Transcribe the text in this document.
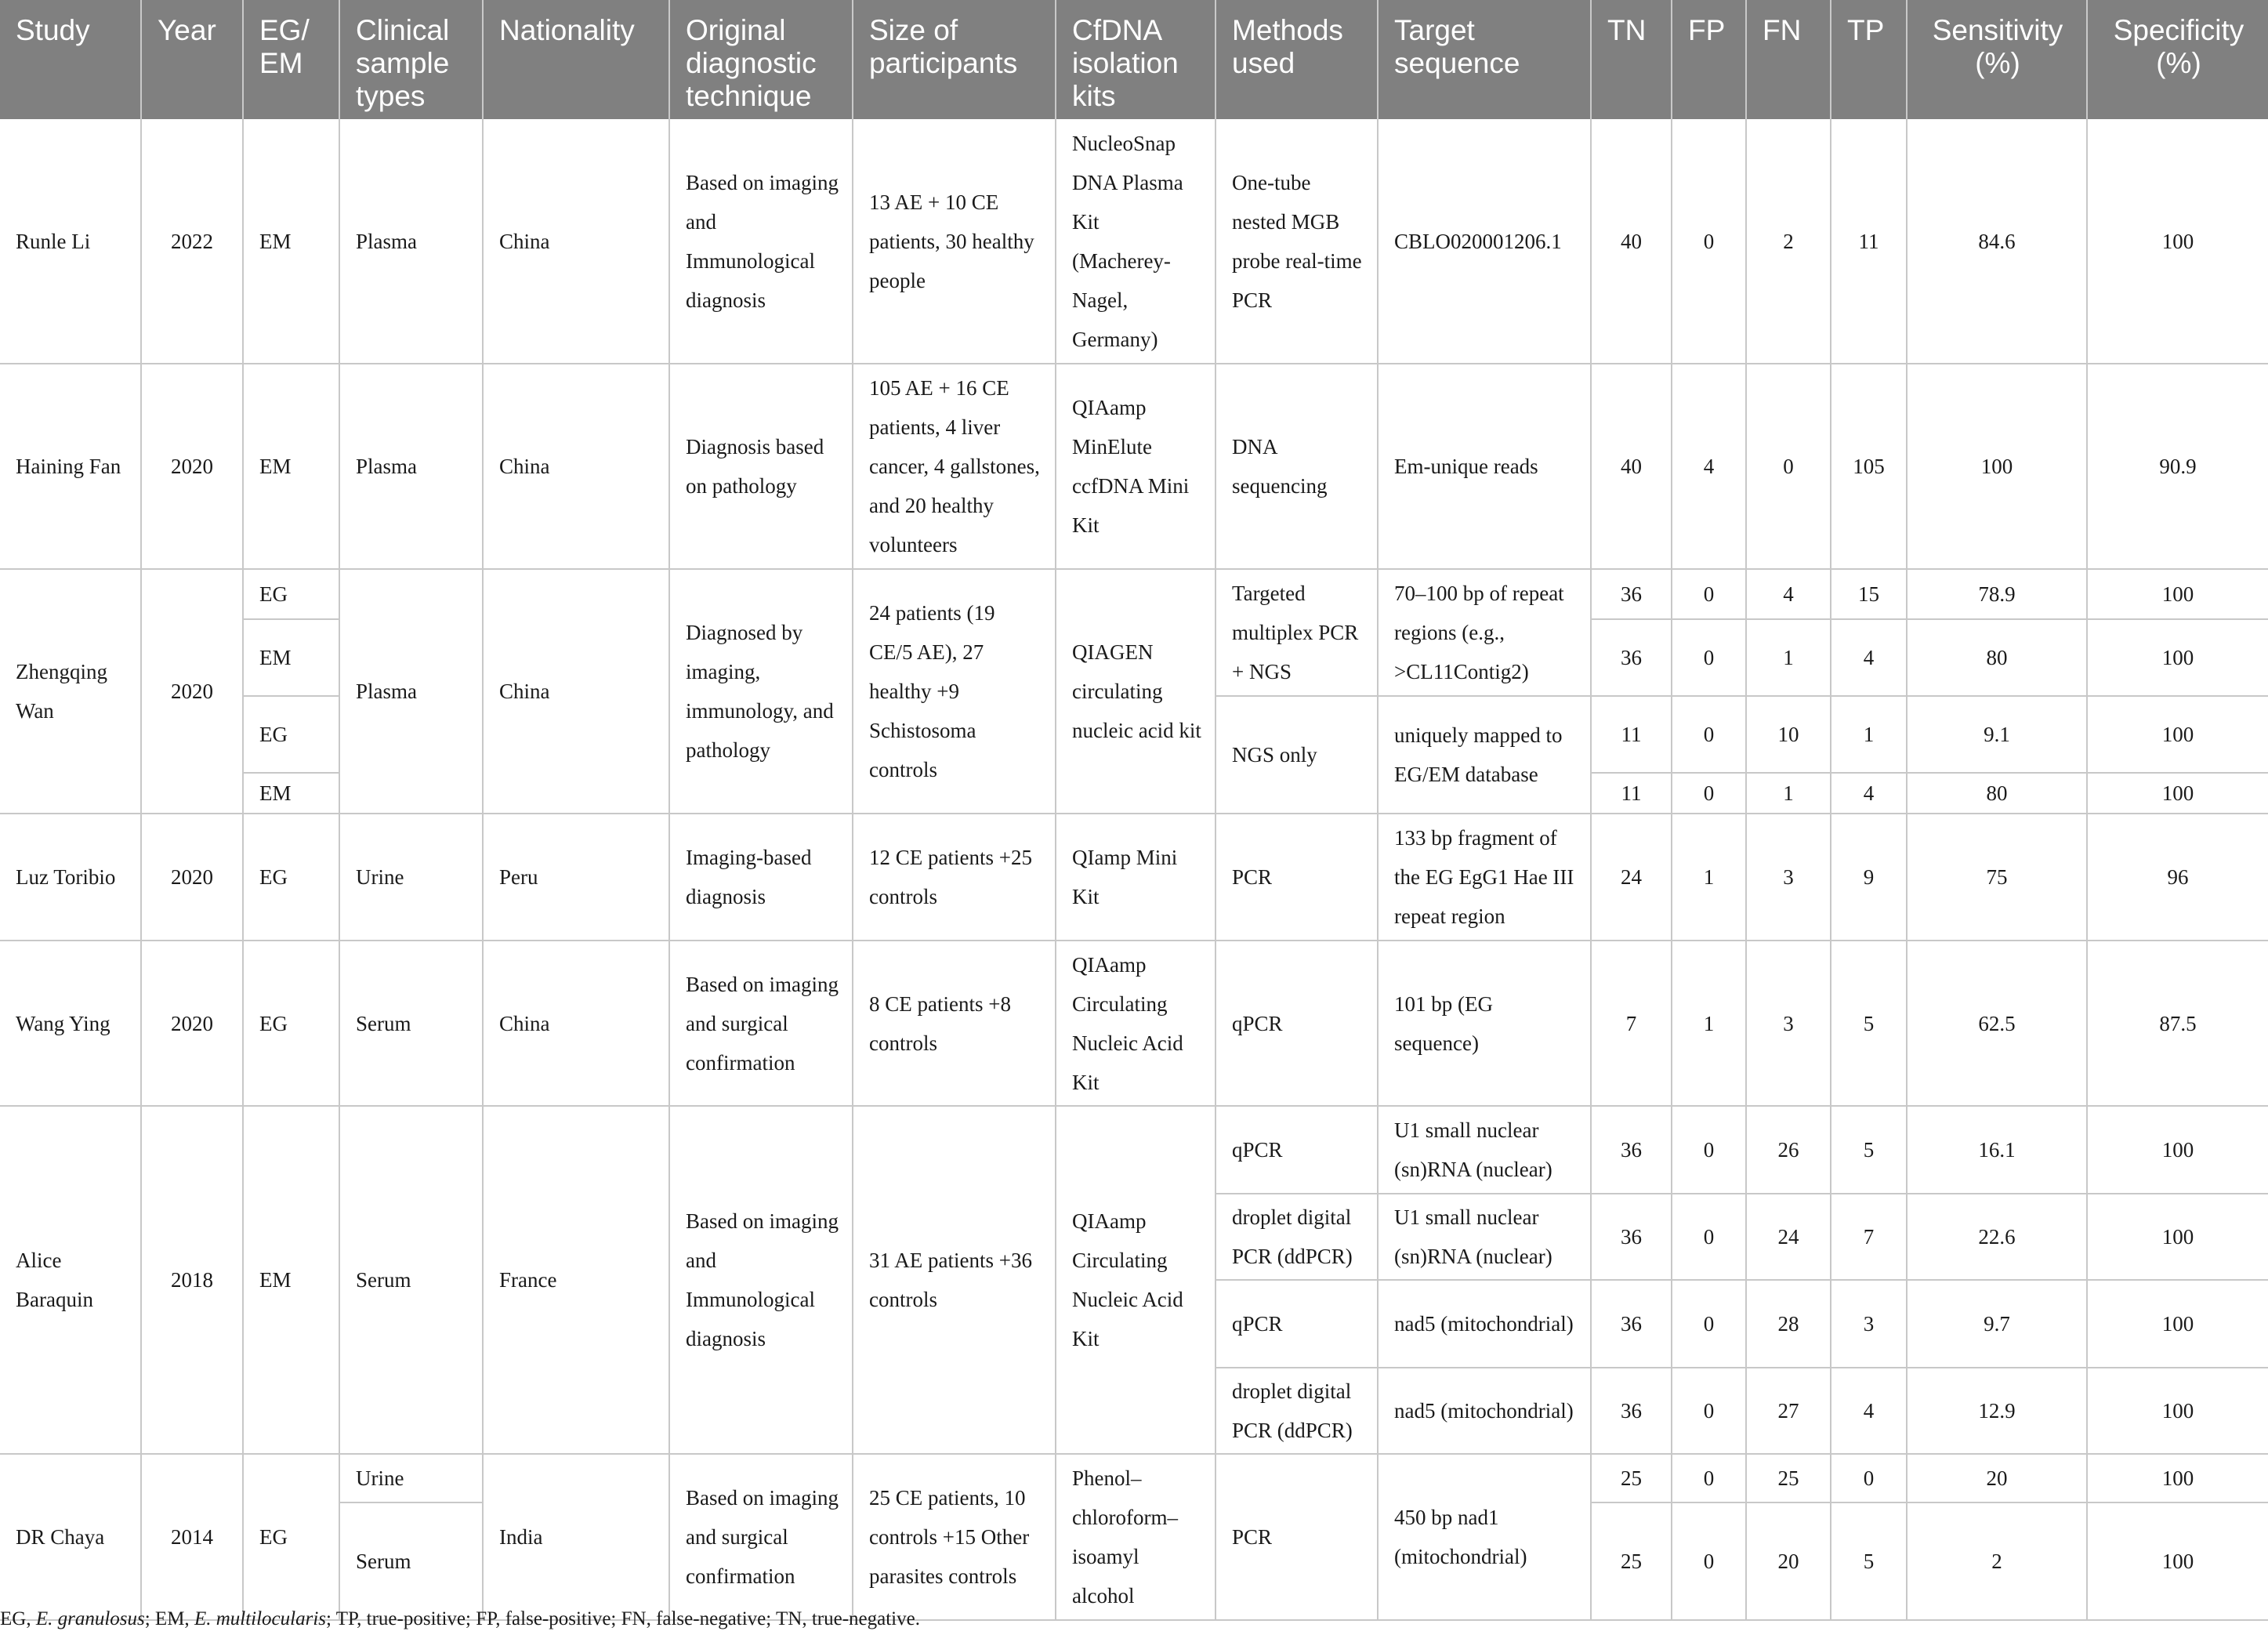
Study	Year	EG/ EM	Clinical sample types	Nationality	Original diagnostic technique	Size of participants	CfDNA isolation kits	Methods used	Target sequence	TN	FP	FN	TP	Sensitivity (%)	Specificity (%)
Runle Li	2022	EM	Plasma	China	Based on imaging and Immunological diagnosis	13 AE + 10 CE patients, 30 healthy people	NucleoSnap DNA Plasma Kit (Macherey-Nagel, Germany)	One-tube nested MGB probe real-time PCR	CBLO020001206.1	40	0	2	11	84.6	100
Haining Fan	2020	EM	Plasma	China	Diagnosis based on pathology	105 AE + 16 CE patients, 4 liver cancer, 4 gallstones, and 20 healthy volunteers	QIAamp MinElute ccfDNA Mini Kit	DNA sequencing	Em-unique reads	40	4	0	105	100	90.9
Zhengqing Wan	2020	EG	Plasma	China	Diagnosed by imaging, immunology, and pathology	24 patients (19 CE/5 AE), 27 healthy +9 Schistosoma controls	QIAGEN circulating nucleic acid kit	Targeted multiplex PCR + NGS	70–100 bp of repeat regions (e.g., >CL11Contig2)	36	0	4	15	78.9	100
		EM								36	0	1	4	80	100
		EG						NGS only	uniquely mapped to EG/EM database	11	0	10	1	9.1	100
		EM								11	0	1	4	80	100
Luz Toribio	2020	EG	Urine	Peru	Imaging-based diagnosis	12 CE patients +25 controls	QIamp Mini Kit	PCR	133 bp fragment of the EG EgG1 Hae III repeat region	24	1	3	9	75	96
Wang Ying	2020	EG	Serum	China	Based on imaging and surgical confirmation	8 CE patients +8 controls	QIAamp Circulating Nucleic Acid Kit	qPCR	101 bp (EG sequence)	7	1	3	5	62.5	87.5
Alice Baraquin	2018	EM	Serum	France	Based on imaging and Immunological diagnosis	31 AE patients +36 controls	QIAamp Circulating Nucleic Acid Kit	qPCR	U1 small nuclear (sn)RNA (nuclear)	36	0	26	5	16.1	100
								droplet digital PCR (ddPCR)	U1 small nuclear (sn)RNA (nuclear)	36	0	24	7	22.6	100
								qPCR	nad5 (mitochondrial)	36	0	28	3	9.7	100
								droplet digital PCR (ddPCR)	nad5 (mitochondrial)	36	0	27	4	12.9	100
DR Chaya	2014	EG	Urine	India	Based on imaging and surgical confirmation	25 CE patients, 10 controls +15 Other parasites controls	Phenol–chloroform–isoamyl alcohol	PCR	450 bp nad1 (mitochondrial)	25	0	25	0	20	100
			Serum							25	0	20	5	2	100
EG, E. granulosus; EM, E. multilocularis; TP, true-positive; FP, false-positive; FN, false-negative; TN, true-negative.
